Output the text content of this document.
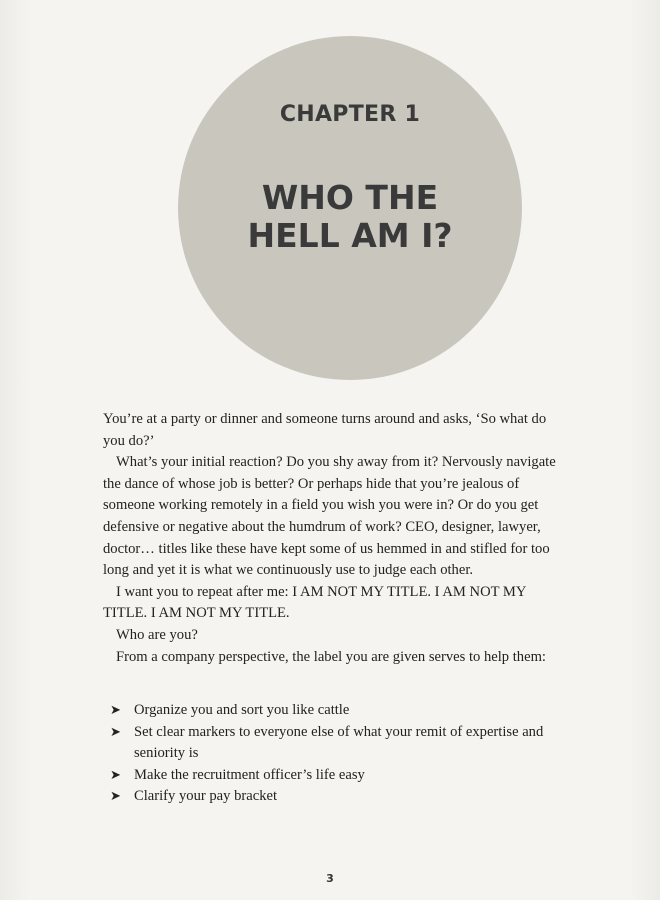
CHAPTER 1
WHO THE
HELL AM I?

You’re at a party or dinner and someone turns around and asks, ‘So what do you do?’

What’s your initial reaction? Do you shy away from it? Nervously navigate the dance of whose job is better? Or perhaps hide that you’re jealous of someone working remotely in a field you wish you were in? Or do you get defensive or negative about the humdrum of work? CEO, designer, lawyer, doctor… titles like these have kept some of us hemmed in and stifled for too long and yet it is what we continuously use to judge each other.

I want you to repeat after me: I AM NOT MY TITLE. I AM NOT MY TITLE. I AM NOT MY TITLE.

Who are you?

From a company perspective, the label you are given serves to help them:

➤ Organize you and sort you like cattle
➤ Set clear markers to everyone else of what your remit of expertise and seniority is
➤ Make the recruitment officer’s life easy
➤ Clarify your pay bracket
3
